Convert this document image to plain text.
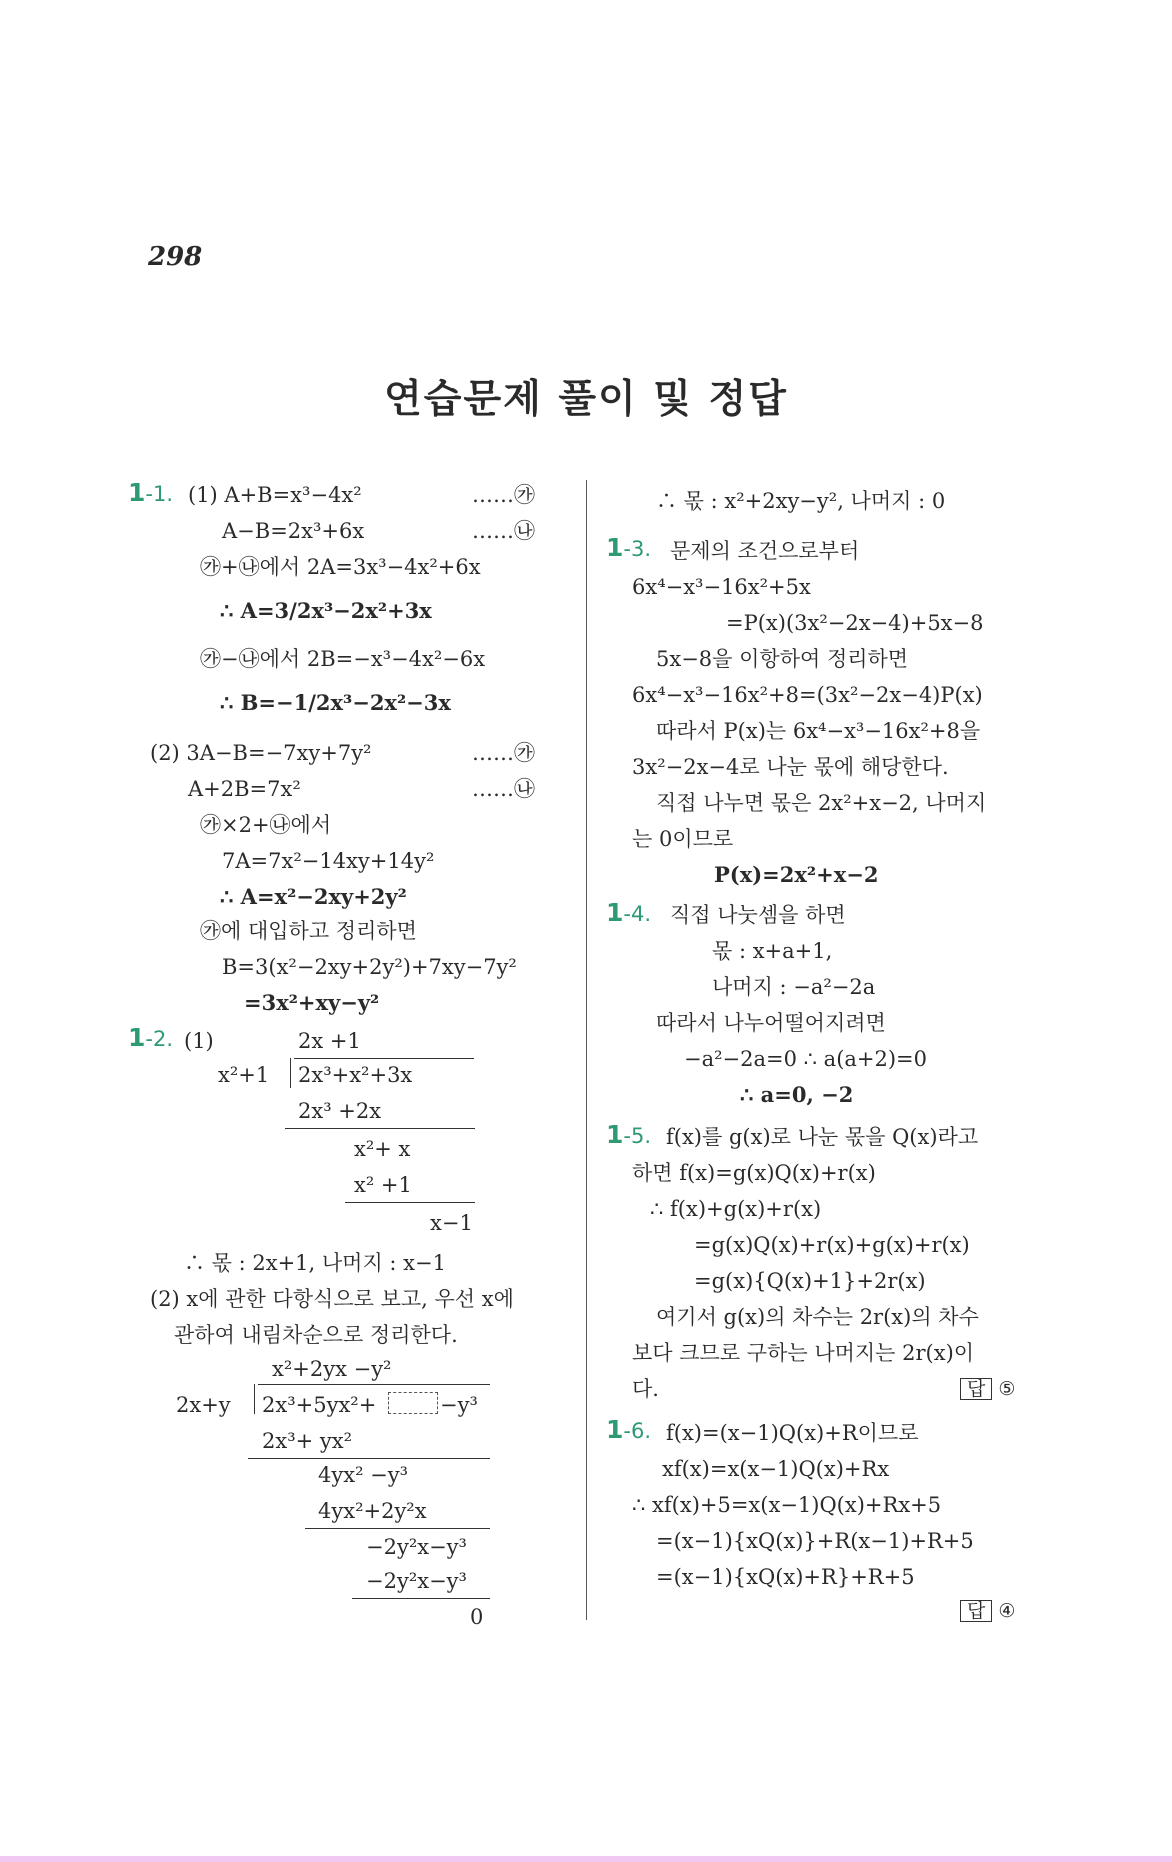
298
연습문제 풀이 및 정답
1-1.
1-2.
1-3.
1-4.
1-5.
1-6.
(1) A+B=x³−4x²	……㉮
A−B=2x³+6x	……㉯
㉮+㉯에서 2A=3x³−4x²+6x
∴ A=3/2x³−2x²+3x
㉮−㉯에서 2B=−x³−4x²−6x
∴ B=−1/2x³−2x²−3x
(2) 3A−B=−7xy+7y²	……㉮
A+2B=7x²	……㉯
㉮×2+㉯에서
7A=7x²−14xy+14y²
∴ A=x²−2xy+2y²
㉮에 대입하고 정리하면
B=3(x²−2xy+2y²)+7xy−7y²
=3x²+xy−y²
(1)	2x +1
x²+1 2x³+x²+3x
2x³ +2x
x²+ x
x² +1
x−1
∴ 몫 : 2x+1, 나머지 : x−1
(2) x에 관한 다항식으로 보고, 우선 x에
관하여 내림차순으로 정리한다.
x²+2yx −y²
2x+y 2x³+5yx²+	−y³
2x³+ yx²
4yx² −y³
4yx²+2y²x
−2y²x−y³
−2y²x−y³
0
∴ 몫 : x²+2xy−y², 나머지 : 0
문제의 조건으로부터
6x⁴−x³−16x²+5x
=P(x)(3x²−2x−4)+5x−8
5x−8을 이항하여 정리하면
6x⁴−x³−16x²+8=(3x²−2x−4)P(x)
따라서 P(x)는 6x⁴−x³−16x²+8을
3x²−2x−4로 나눈 몫에 해당한다.
직접 나누면 몫은 2x²+x−2, 나머지
는 0이므로
P(x)=2x²+x−2
직접 나눗셈을 하면
몫 : x+a+1,
나머지 : −a²−2a
따라서 나누어떨어지려면
−a²−2a=0 ∴ a(a+2)=0
∴ a=0, −2
f(x)를 g(x)로 나눈 몫을 Q(x)라고
하면 f(x)=g(x)Q(x)+r(x)
∴ f(x)+g(x)+r(x)
=g(x)Q(x)+r(x)+g(x)+r(x)
=g(x){Q(x)+1}+2r(x)
여기서 g(x)의 차수는 2r(x)의 차수
보다 크므로 구하는 나머지는 2r(x)이
다.	답 ⑤
f(x)=(x−1)Q(x)+R이므로
xf(x)=x(x−1)Q(x)+Rx
∴ xf(x)+5=x(x−1)Q(x)+Rx+5
=(x−1){xQ(x)}+R(x−1)+R+5
=(x−1){xQ(x)+R}+R+5
답 ④
